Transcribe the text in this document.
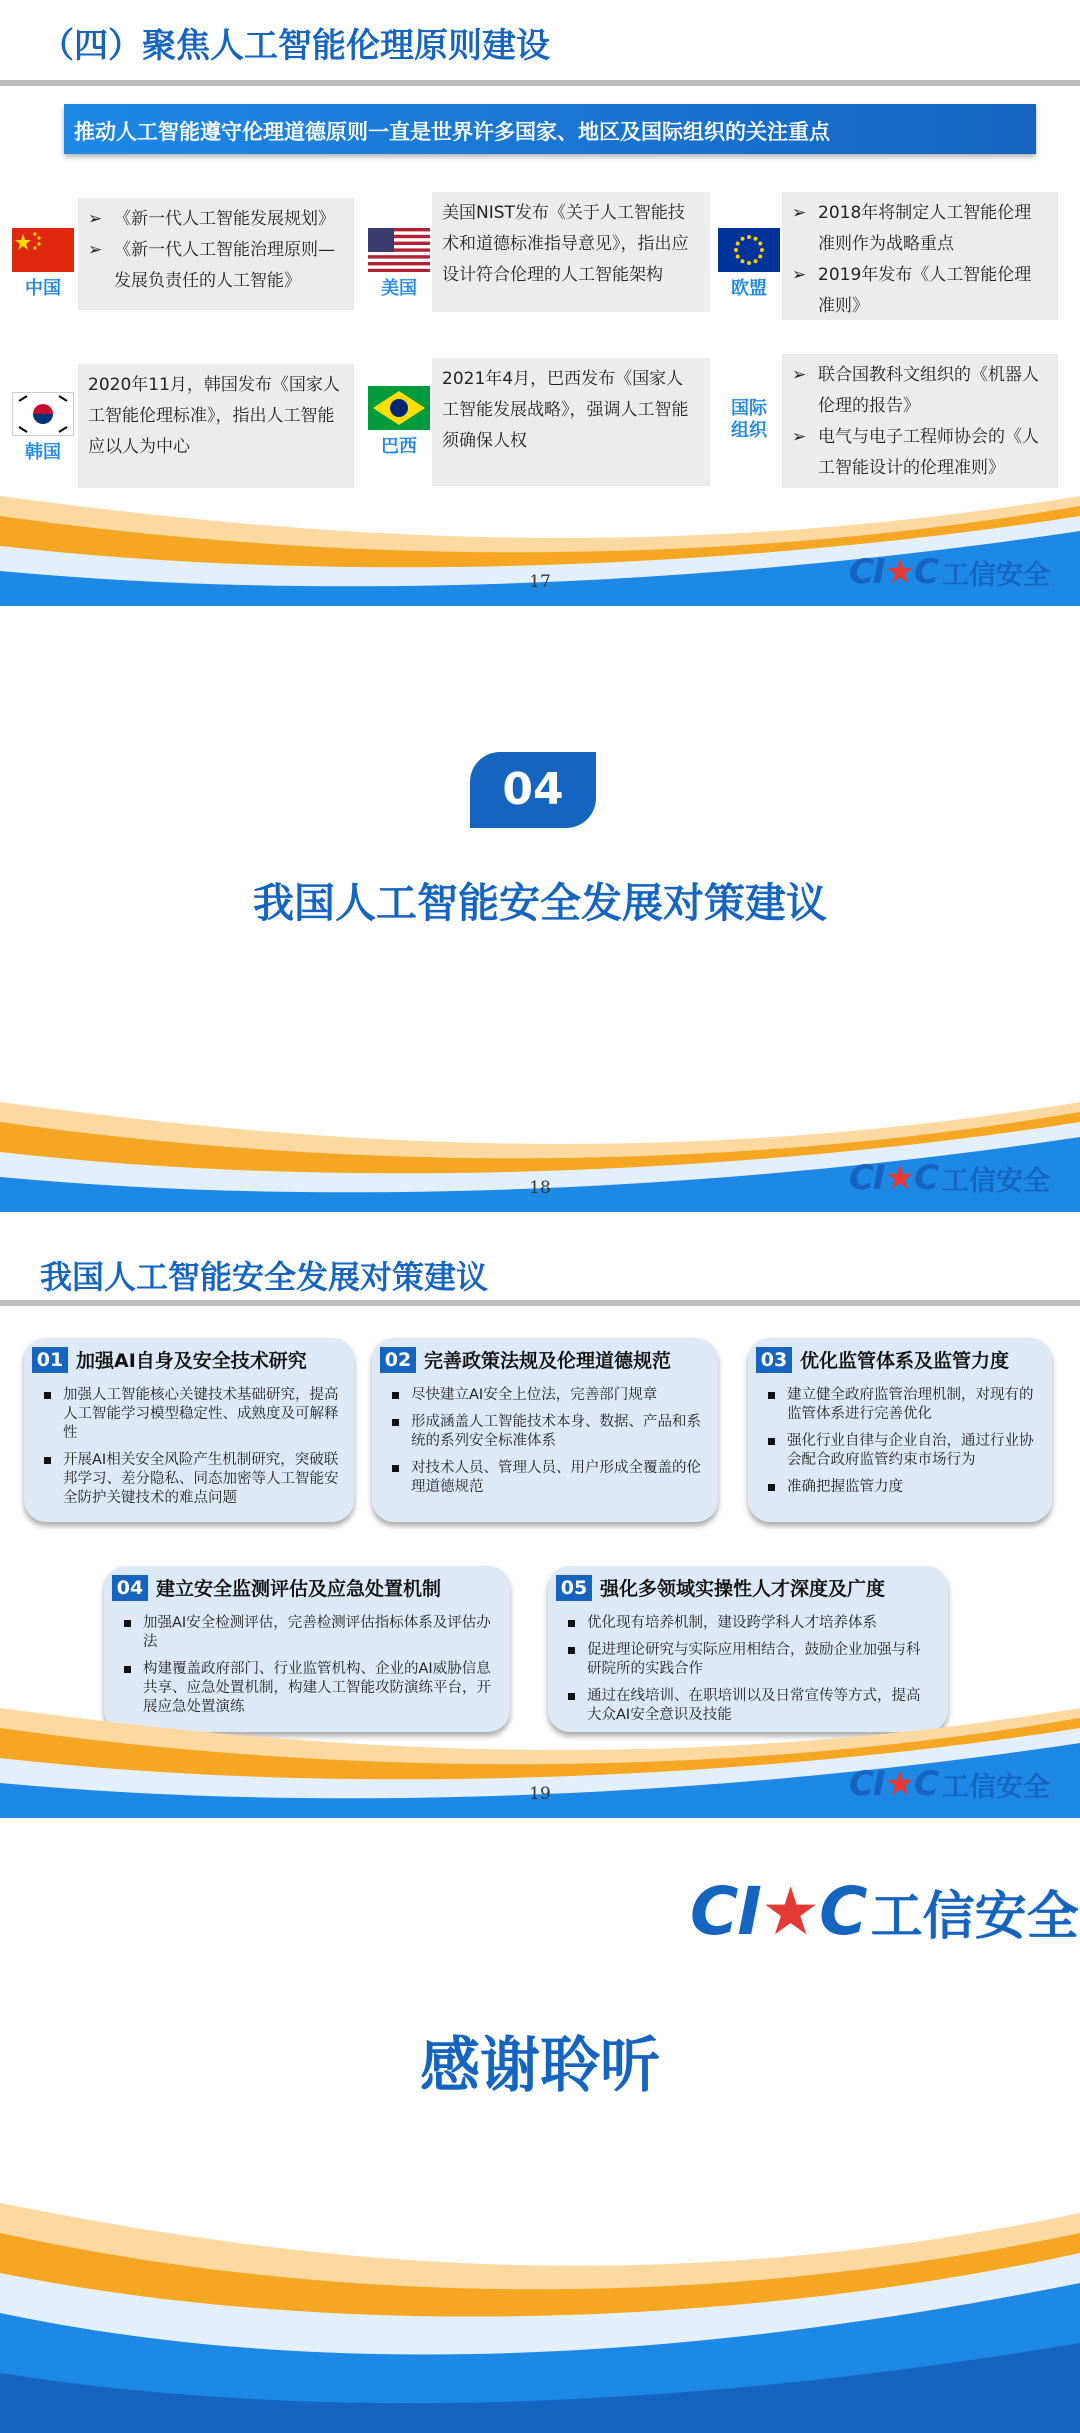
（四）聚焦人工智能伦理原则建设
推动人工智能遵守伦理道德原则一直是世界许多国家、地区及国际组织的关注重点
中国
➢ 《新一代人工智能发展规划》
➢ 《新一代人工智能治理原则—发展负责任的人工智能》	美国
美国NIST发布《关于人工智能技术和道德标准指导意见》，指出应设计符合伦理的人工智能架构
欧盟
➢ 2018年将制定人工智能伦理准则作为战略重点
➢ 2019年发布《人工智能伦理准则》
韩国
2020年11月，韩国发布《国家人工智能伦理标准》，指出人工智能应以人为中心	巴西
2021年4月，巴西发布《国家人工智能发展战略》，强调人工智能须确保人权
国际组织
➢ 联合国教科文组织的《机器人伦理的报告》
➢ 电气与电子工程师协会的《人工智能设计的伦理准则》
17	CI★C 工信安全
04
我国人工智能安全发展对策建议
18	CI★C 工信安全
我国人工智能安全发展对策建议
01 加强AI自身及安全技术研究
加强人工智能核心关键技术基础研究，提高人工智能学习模型稳定性、成熟度及可解释性
开展AI相关安全风险产生机制研究，突破联邦学习、差分隐私、同态加密等人工智能安全防护关键技术的难点问题
02 完善政策法规及伦理道德规范
尽快建立AI安全上位法，完善部门规章
形成涵盖人工智能技术本身、数据、产品和系统的系列安全标准体系
对技术人员、管理人员、用户形成全覆盖的伦理道德规范
03 优化监管体系及监管力度
建立健全政府监管治理机制，对现有的监管体系进行完善优化
强化行业自律与企业自治，通过行业协会配合政府监管约束市场行为
准确把握监管力度
04 建立安全监测评估及应急处置机制
加强AI安全检测评估，完善检测评估指标体系及评估办法
构建覆盖政府部门、行业监管机构、企业的AI威胁信息共享、应急处置机制，构建人工智能攻防演练平台，开展应急处置演练
05 强化多领域实操性人才深度及广度
优化现有培养机制，建设跨学科人才培养体系
促进理论研究与实际应用相结合，鼓励企业加强与科研院所的实践合作
通过在线培训、在职培训以及日常宣传等方式，提高大众AI安全意识及技能
19	CI★C 工信安全
CI★C 工信安全
感谢聆听
